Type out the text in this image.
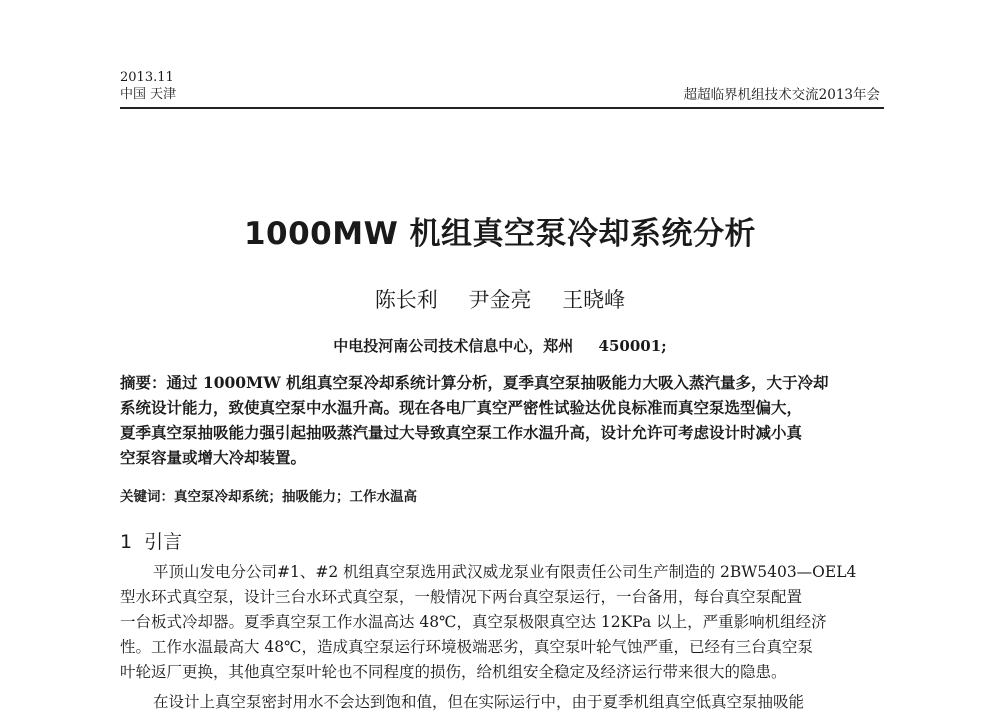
2013.11
中国 天津	超超临界机组技术交流2013年会
1000MW 机组真空泵冷却系统分析
陈长利 尹金亮 王晓峰
中电投河南公司技术信息中心，郑州 450001;
摘要：通过 1000MW 机组真空泵冷却系统计算分析，夏季真空泵抽吸能力大吸入蒸汽量多，大于冷却
系统设计能力，致使真空泵中水温升高。现在各电厂真空严密性试验达优良标准而真空泵选型偏大，
夏季真空泵抽吸能力强引起抽吸蒸汽量过大导致真空泵工作水温升高，设计允许可考虑设计时减小真
空泵容量或增大冷却装置。
关键词：真空泵冷却系统；抽吸能力；工作水温高
1 引言
平顶山发电分公司#1、#2 机组真空泵选用武汉威龙泵业有限责任公司生产制造的 2BW5403—OEL4
型水环式真空泵，设计三台水环式真空泵，一般情况下两台真空泵运行，一台备用，每台真空泵配置
一台板式冷却器。夏季真空泵工作水温高达 48℃，真空泵极限真空达 12KPa 以上，严重影响机组经济
性。工作水温最高大 48℃，造成真空泵运行环境极端恶劣，真空泵叶轮气蚀严重，已经有三台真空泵
叶轮返厂更换，其他真空泵叶轮也不同程度的损伤，给机组安全稳定及经济运行带来很大的隐患。
在设计上真空泵密封用水不会达到饱和值，但在实际运行中，由于夏季机组真空低真空泵抽吸能
